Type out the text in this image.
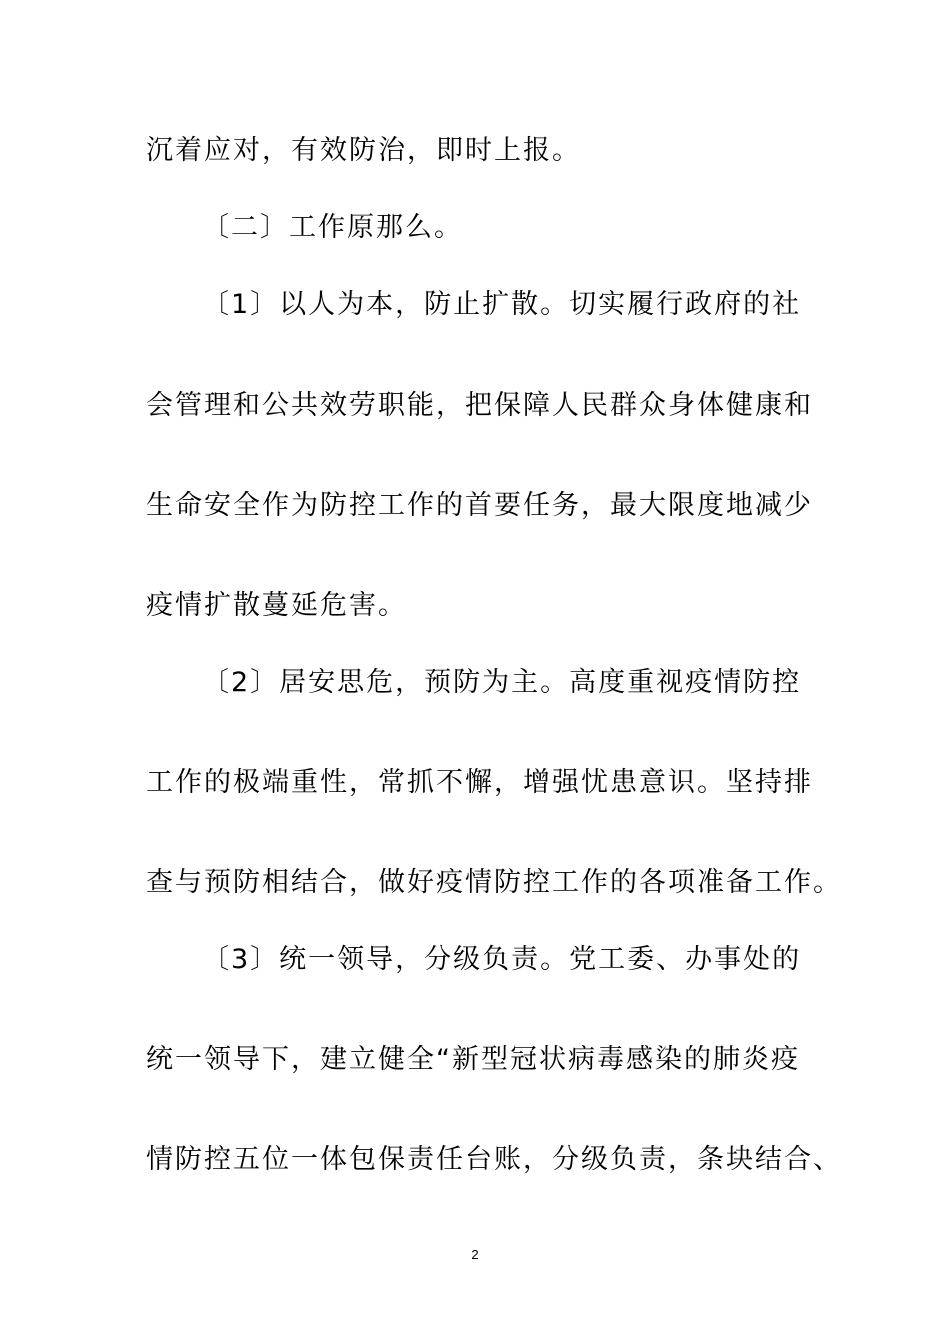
沉着应对，有效防治，即时上报。
〔二〕工作原那么。
〔1〕以人为本，防止扩散。切实履行政府的社
会管理和公共效劳职能，把保障人民群众身体健康和
生命安全作为防控工作的首要任务，最大限度地减少
疫情扩散蔓延危害。
〔2〕居安思危，预防为主。高度重视疫情防控
工作的极端重性，常抓不懈，增强忧患意识。坚持排
查与预防相结合，做好疫情防控工作的各项准备工作。
〔3〕统一领导，分级负责。党工委、办事处的
统一领导下，建立健全“新型冠状病毒感染的肺炎疫
情防控五位一体包保责任台账，分级负责，条块结合、
2
